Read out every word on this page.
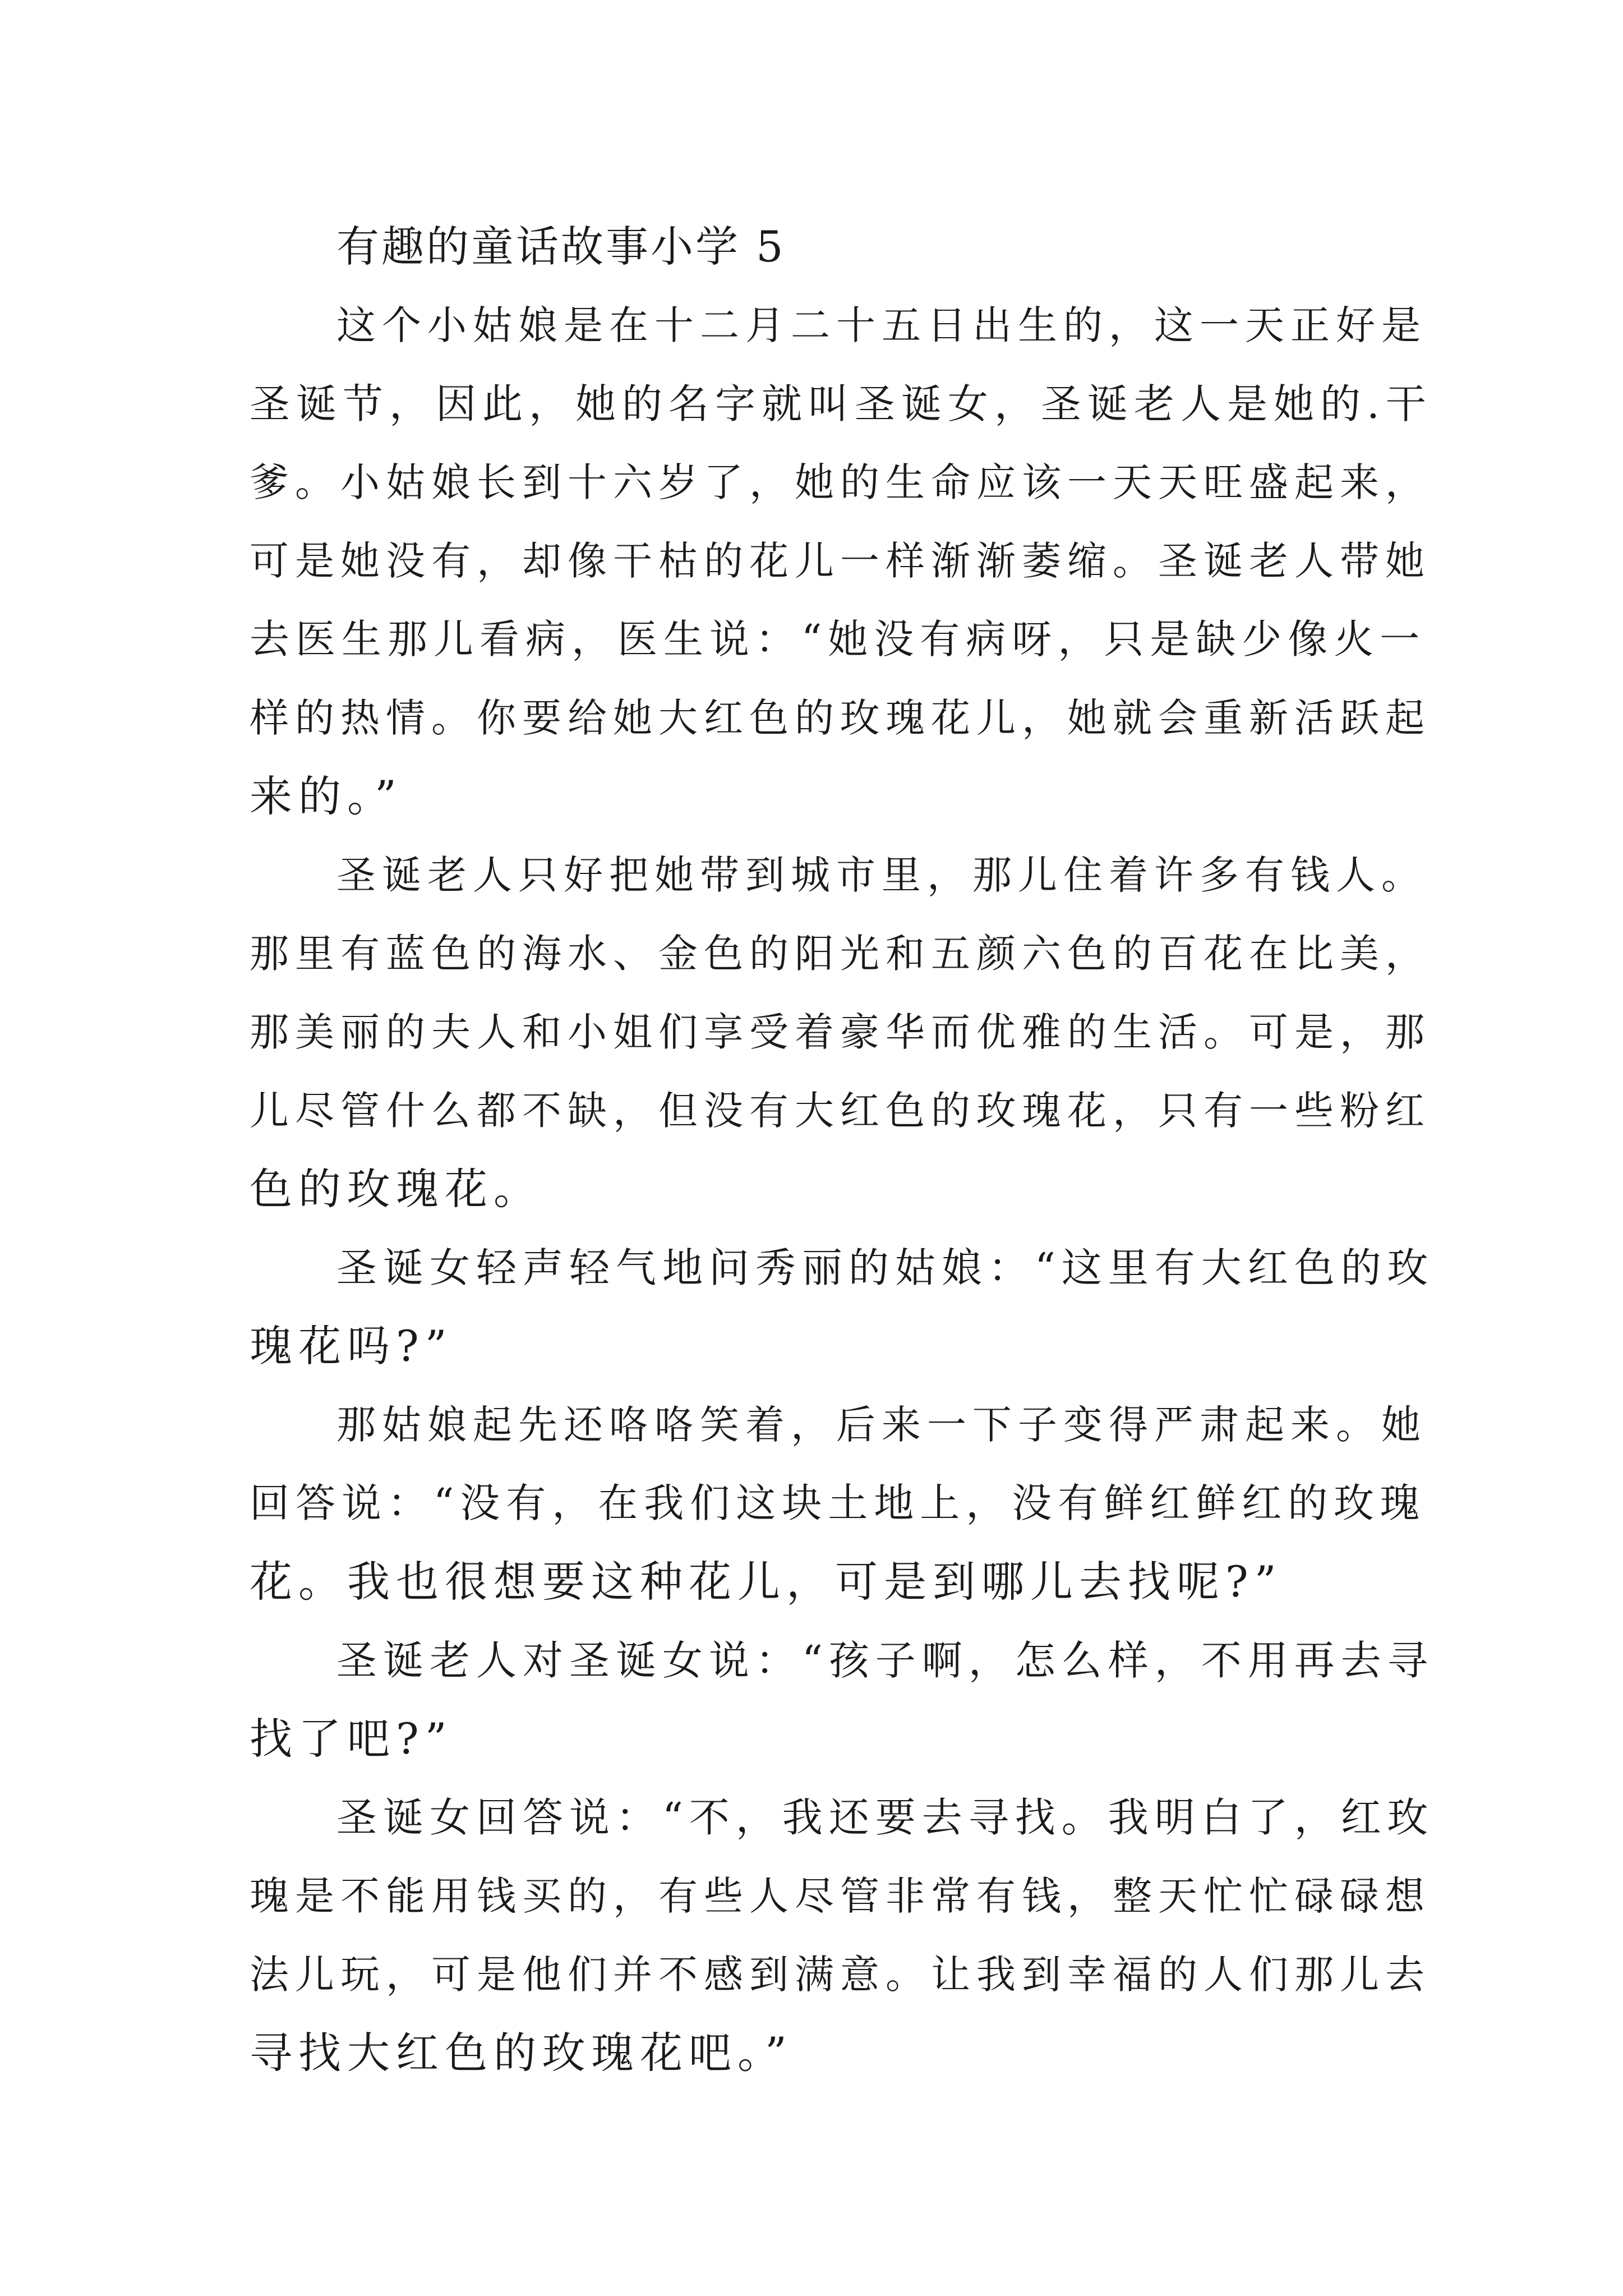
有趣的童话故事小学 5

这个小姑娘是在十二月二十五日出生的，这一天正好是

圣诞节，因此，她的名字就叫圣诞女，圣诞老人是她的.干

爹。小姑娘长到十六岁了，她的生命应该一天天旺盛起来，

可是她没有，却像干枯的花儿一样渐渐萎缩。圣诞老人带她

去医生那儿看病，医生说：“她没有病呀，只是缺少像火一

样的热情。你要给她大红色的玫瑰花儿，她就会重新活跃起

来的。”

圣诞老人只好把她带到城市里，那儿住着许多有钱人。

那里有蓝色的海水、金色的阳光和五颜六色的百花在比美，

那美丽的夫人和小姐们享受着豪华而优雅的生活。可是，那

儿尽管什么都不缺，但没有大红色的玫瑰花，只有一些粉红

色的玫瑰花。

圣诞女轻声轻气地问秀丽的姑娘：“这里有大红色的玫

瑰花吗?”

那姑娘起先还咯咯笑着，后来一下子变得严肃起来。她

回答说：“没有，在我们这块土地上，没有鲜红鲜红的玫瑰

花。我也很想要这种花儿，可是到哪儿去找呢?”

圣诞老人对圣诞女说：“孩子啊，怎么样，不用再去寻

找了吧?”

圣诞女回答说：“不，我还要去寻找。我明白了，红玫

瑰是不能用钱买的，有些人尽管非常有钱，整天忙忙碌碌想

法儿玩，可是他们并不感到满意。让我到幸福的人们那儿去

寻找大红色的玫瑰花吧。”
